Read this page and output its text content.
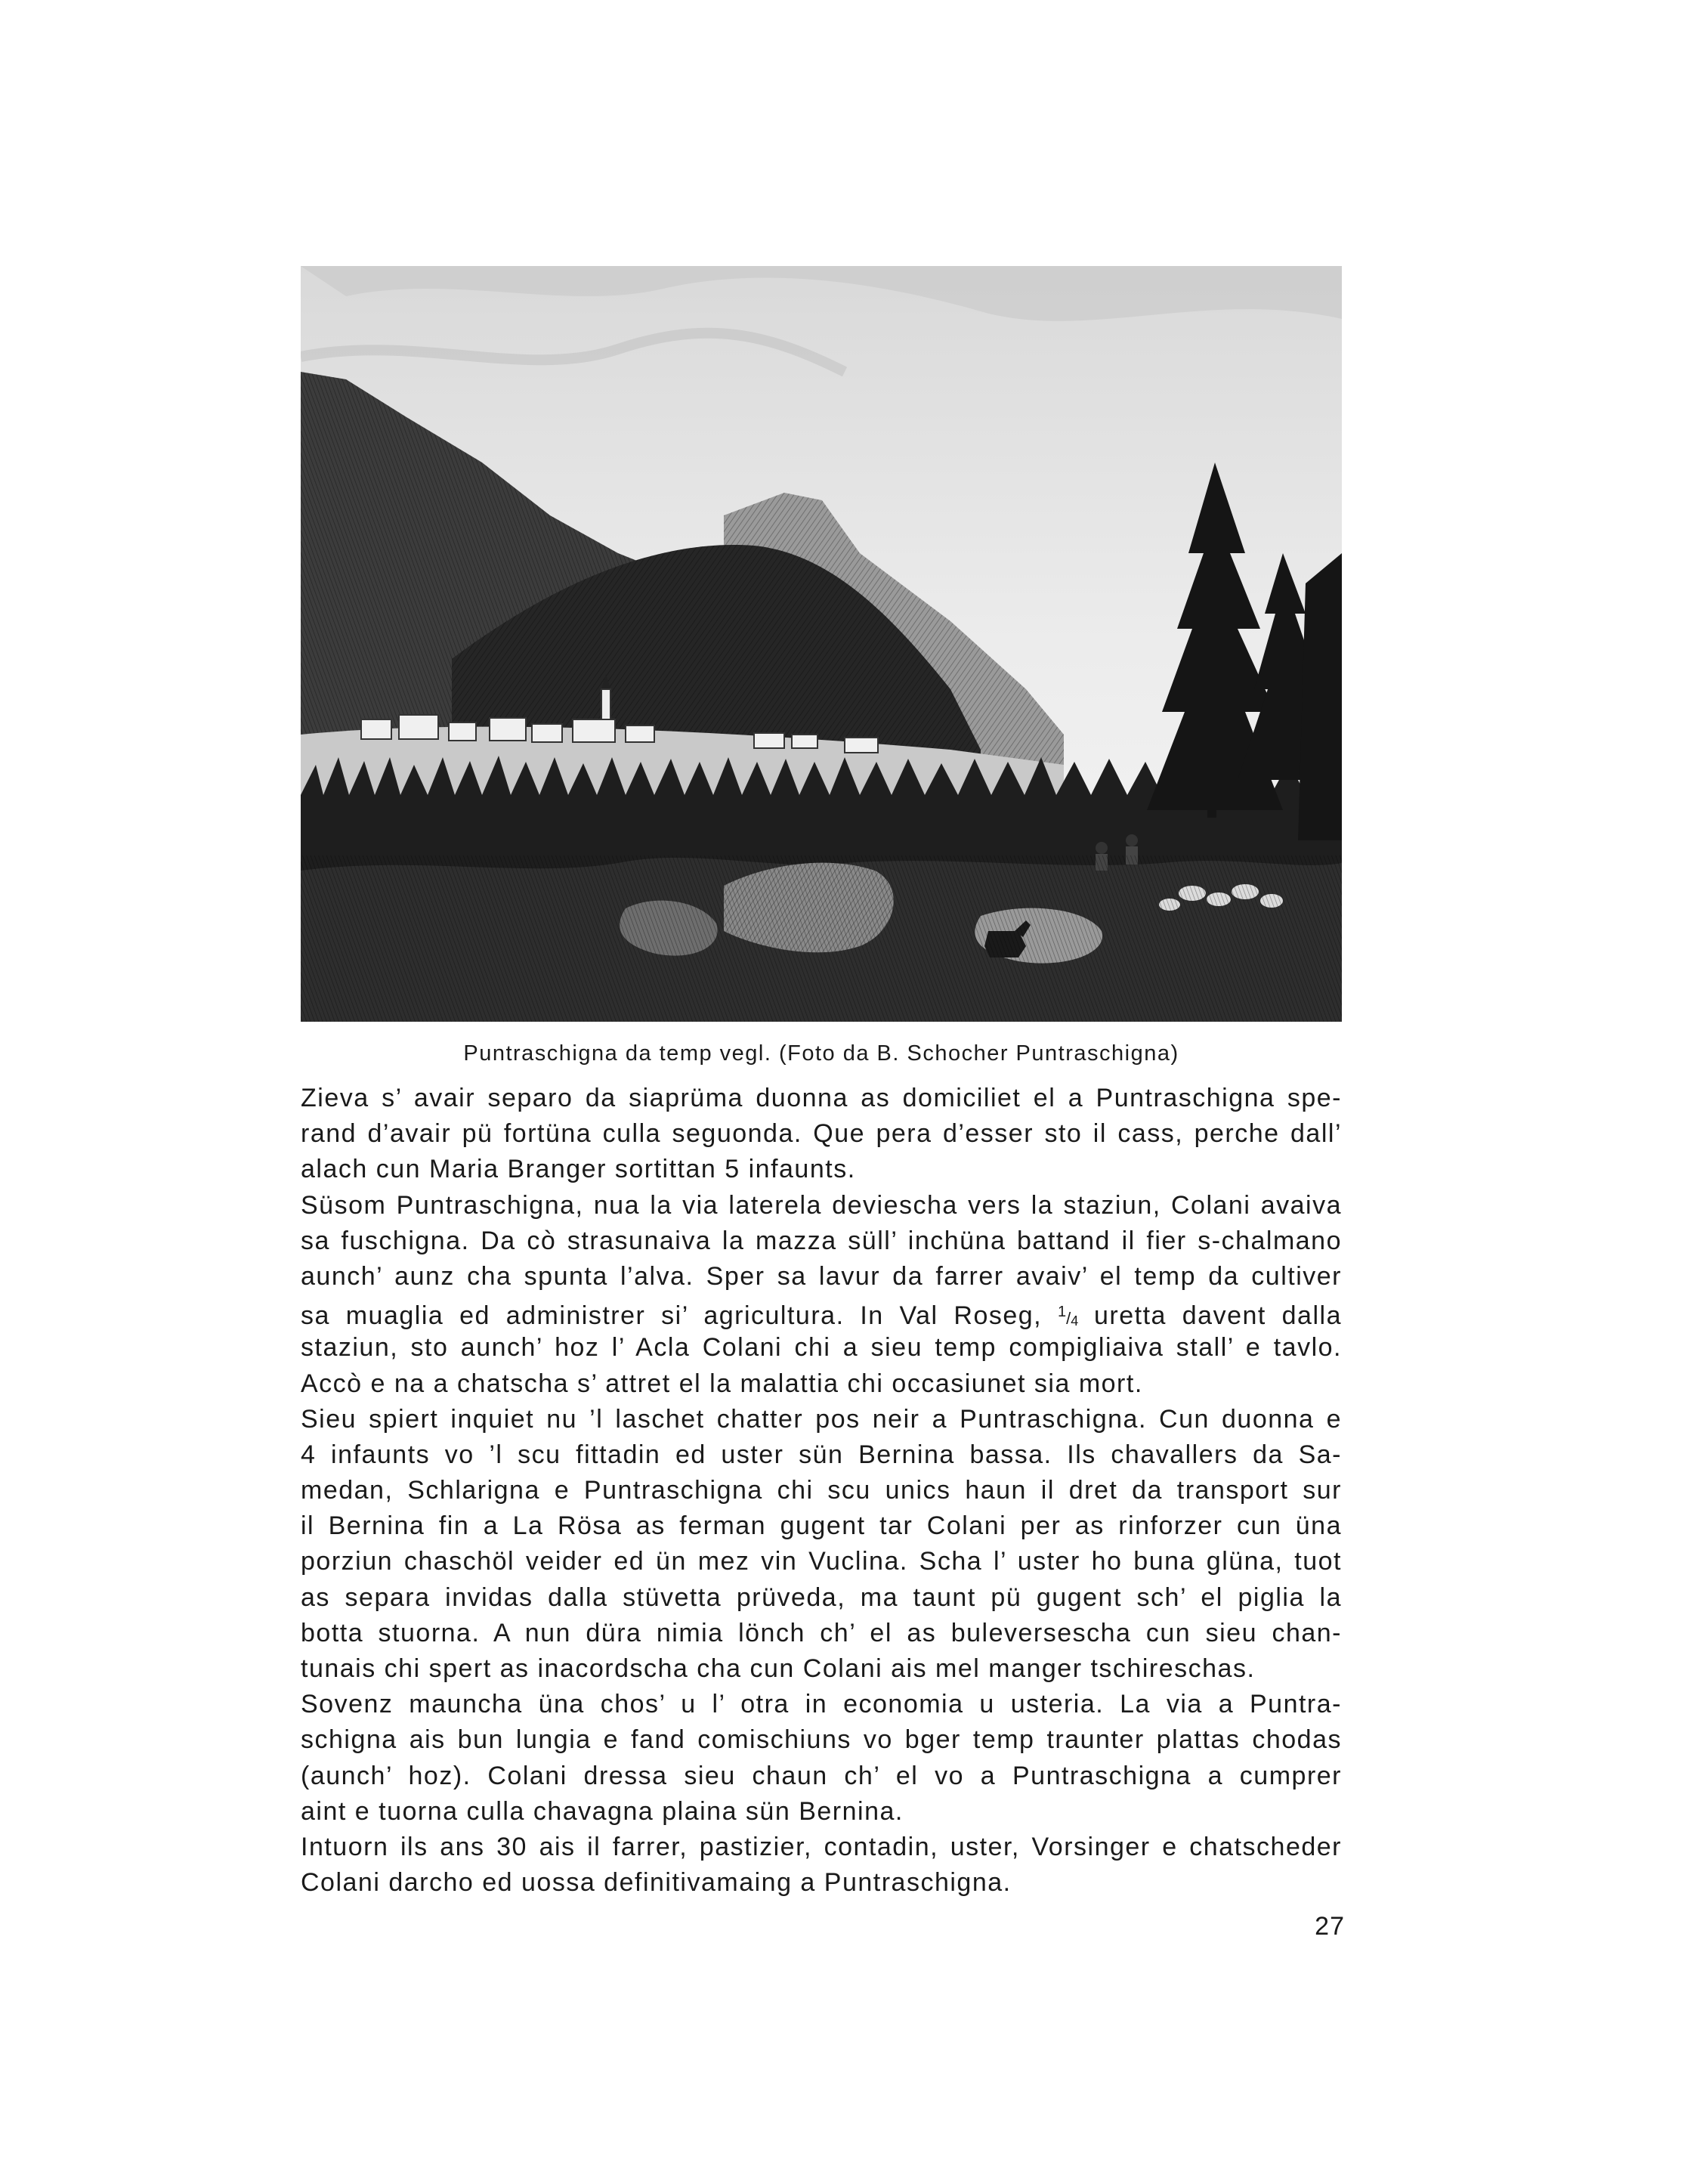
Puntraschigna da temp vegl. (Foto da B. Schocher Puntraschigna)
Zieva s’ avair separo da siaprüma duonna as domiciliet el a Puntraschigna spe-
rand d’avair pü fortüna culla seguonda. Que pera d’esser sto il cass, perche dall’
alach cun Maria Branger sortittan 5 infaunts.
Süsom Puntraschigna, nua la via laterela deviescha vers la staziun, Colani avaiva
sa fuschigna. Da cò strasunaiva la mazza süll’ inchüna battand il fier s-chalmano
aunch’ aunz cha spunta l’alva. Sper sa lavur da farrer avaiv’ el temp da cultiver
sa muaglia ed administrer si’ agricultura. In Val Roseg, $^1/_4$ uretta davent dalla
staziun, sto aunch’ hoz l’ Acla Colani chi a sieu temp compigliaiva stall’ e tavlo.
Accò e na a chatscha s’ attret el la malattia chi occasiunet sia mort.
Sieu spiert inquiet nu ’l laschet chatter pos neir a Puntraschigna. Cun duonna e
4 infaunts vo ’l scu fittadin ed uster sün Bernina bassa. Ils chavallers da Sa-
medan, Schlarigna e Puntraschigna chi scu unics haun il dret da transport sur
il Bernina fin a La Rösa as ferman gugent tar Colani per as rinforzer cun üna
porziun chaschöl veider ed ün mez vin Vuclina. Scha l’ uster ho buna glüna, tuot
as separa invidas dalla stüvetta prüveda, ma taunt pü gugent sch’ el piglia la
botta stuorna. A nun düra nimia lönch ch’ el as buleversescha cun sieu chan-
tunais chi spert as inacordscha cha cun Colani ais mel manger tschireschas.
Sovenz mauncha üna chos’ u l’ otra in economia u usteria. La via a Puntra-
schigna ais bun lungia e fand comischiuns vo bger temp traunter plattas chodas
(aunch’ hoz). Colani dressa sieu chaun ch’ el vo a Puntraschigna a cumprer
aint e tuorna culla chavagna plaina sün Bernina.
Intuorn ils ans 30 ais il farrer, pastizier, contadin, uster, Vorsinger e chatscheder
Colani darcho ed uossa definitivamaing a Puntraschigna.
27
